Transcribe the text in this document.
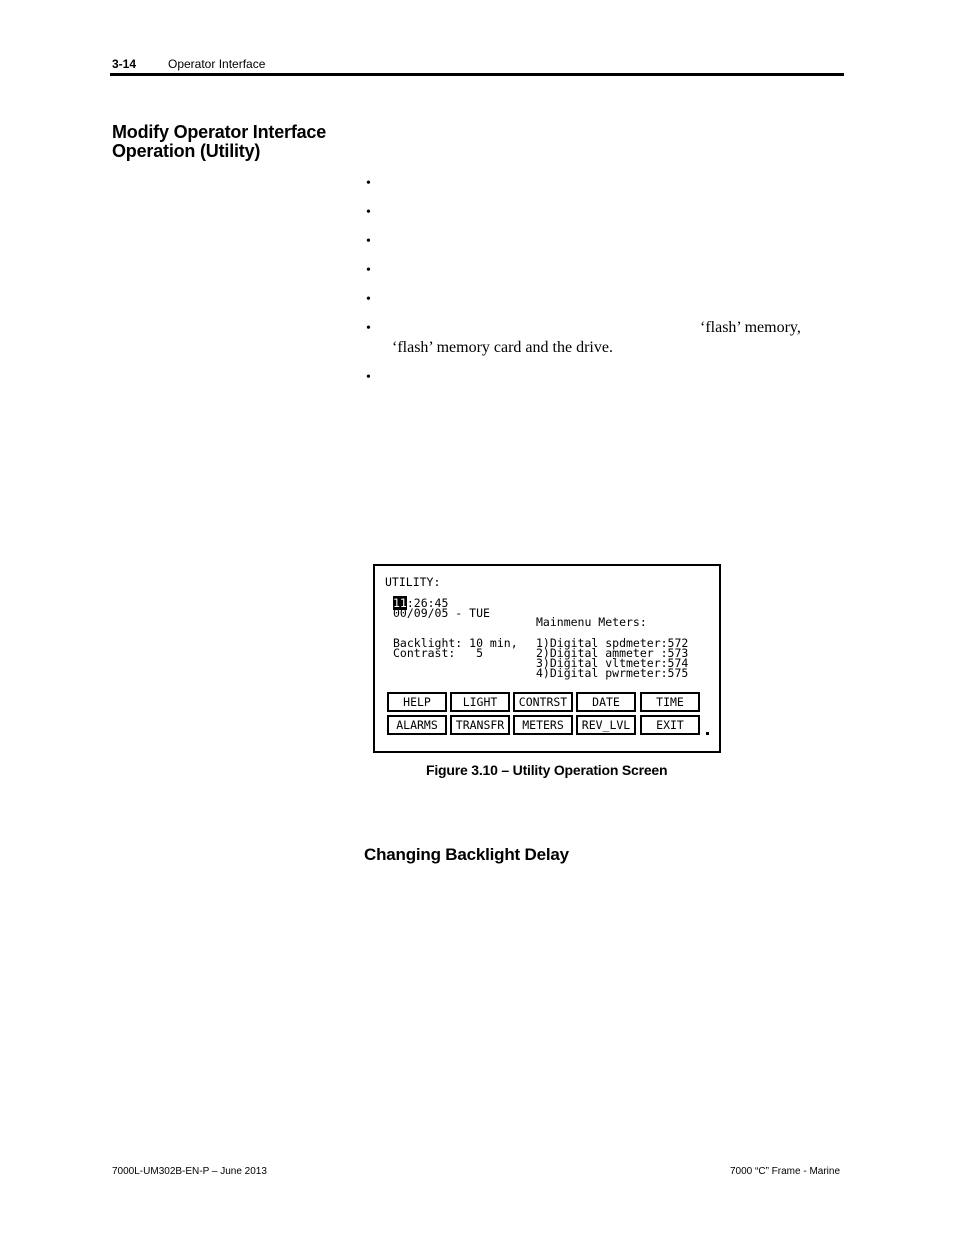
3-14	Operator Interface
Modify Operator Interface Operation (Utility)
•
•
•
•
•
•	‘flash’ memory,
‘flash’ memory card and the drive.
•
UTILITY:
11:26:45
00/09/05 - TUE
Mainmenu Meters:
Backlight: 10 min,
Contrast:   5
1)Digital spdmeter:572
2)Digital ammeter :573
3)Digital vltmeter:574
4)Digital pwrmeter:575
HELP	LIGHT	CONTRST	DATE	TIME
ALARMS	TRANSFR	METERS	REV_LVL	EXIT
Figure 3.10 – Utility Operation Screen
Changing Backlight Delay
7000L-UM302B-EN-P – June 2013	7000 “C” Frame - Marine
